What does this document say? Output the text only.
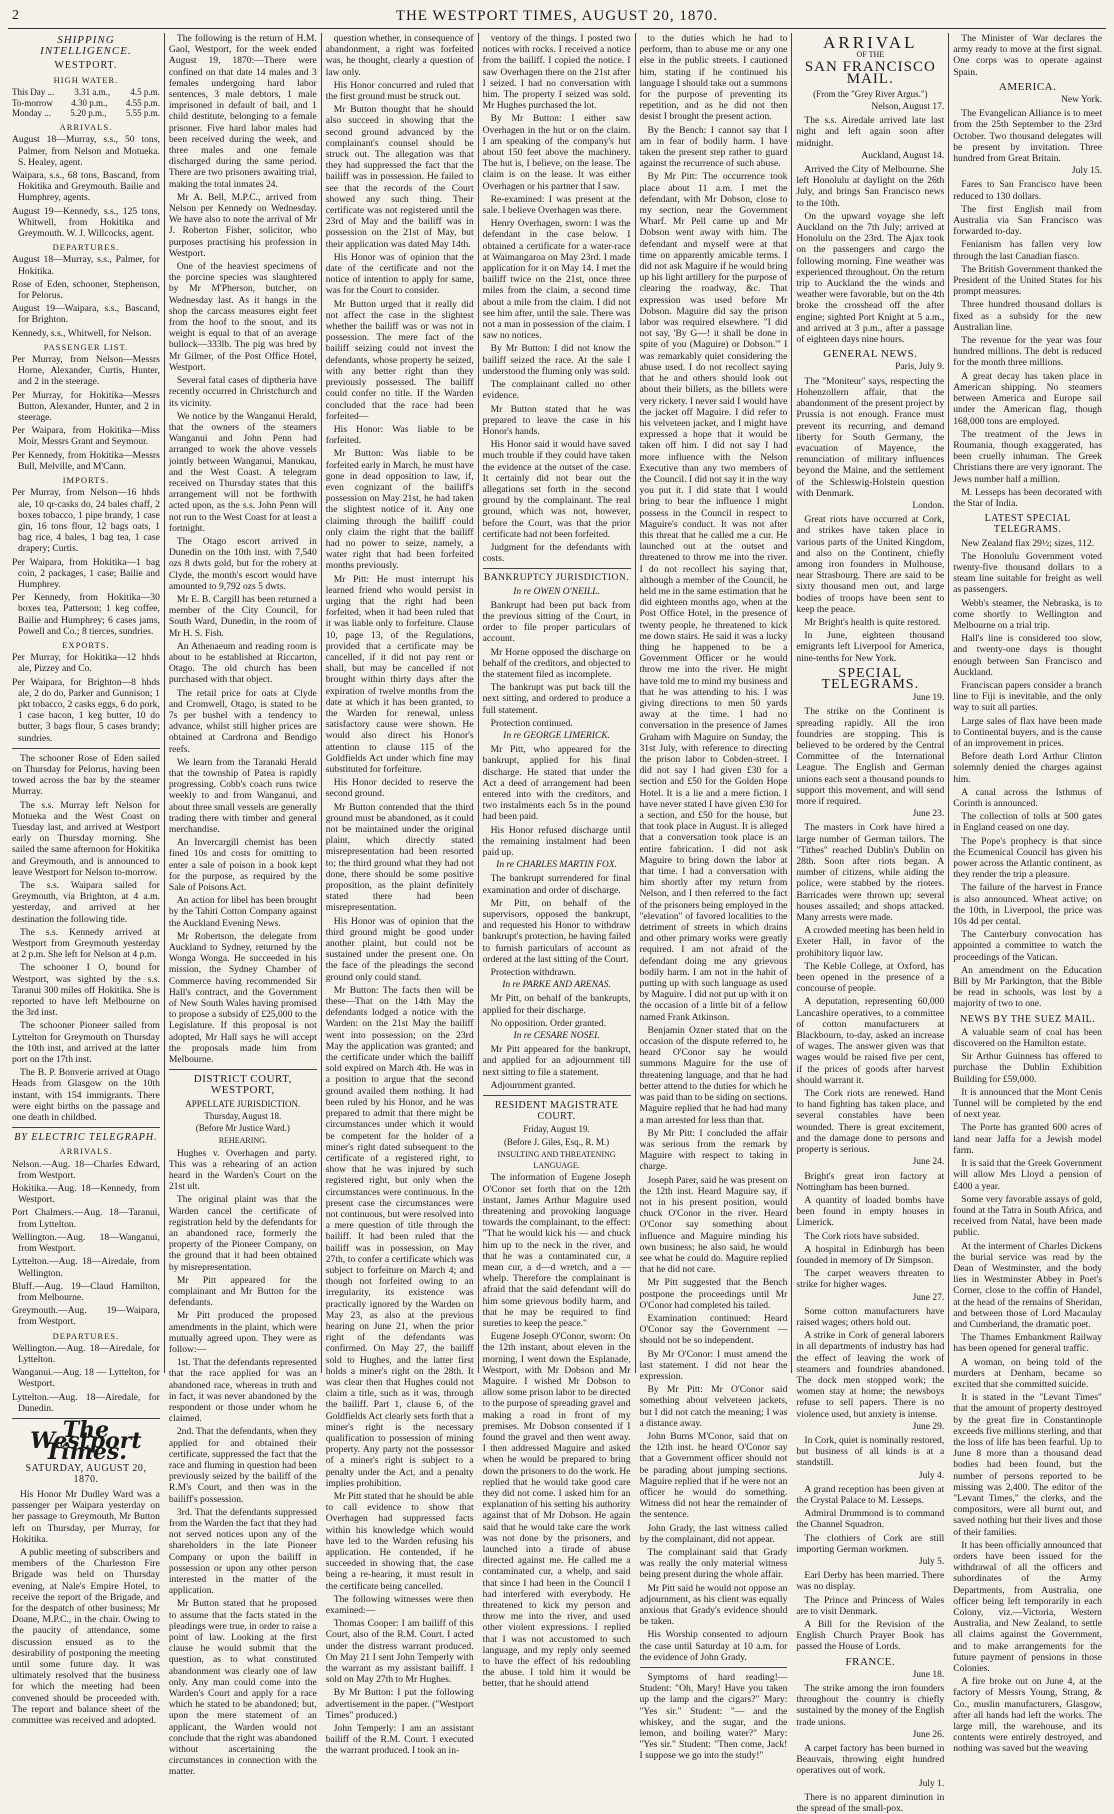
2	THE WESTPORT TIMES, AUGUST 20, 1870.
SHIPPING INTELLIGENCE.
WESTPORT.
HIGH WATER.
This Day ... 3.31 a.m., 4.5 p.m.
To-morrow 4.30 p.m., 4.55 p.m.
Monday ... 5.20 p.m., 5.55 p.m.
ARRIVALS.

August 18—Murray, s.s., 50 tons, Palmer, from Nelson and Motueka. S. Healey, agent.

Waipara, s.s., 68 tons, Bascand, from Hokitika and Greymouth. Bailie and Humphrey, agents.

August 19—Kennedy, s.s., 125 tons, Whitwell, from Hokitika and Greymouth. W. J. Willcocks, agent.

DEPARTURES.

August 18—Murray, s.s., Palmer, for Hokitika.

Rose of Eden, schooner, Stephenson, for Pelorus.

August 19—Waipara, s.s., Bascand, for Brighton.

Kennedy, s.s., Whitwell, for Nelson.

PASSENGER LIST.

Per Murray, from Nelson—Messrs Horne, Alexander, Curtis, Hunter, and 2 in the steerage.

Per Murray, for Hokitika—Messrs Button, Alexander, Hunter, and 2 in steerage.

Per Waipara, from Hokitika—Miss Moir, Messrs Grant and Seymour.

Per Kennedy, from Hokitika—Messrs Bull, Melville, and M'Cann.

IMPORTS.

Per Murray, from Nelson—16 hhds ale, 10 qr-casks do, 24 bales chaff, 2 boxes tobacco, 1 pipe brandy, 1 case gin, 16 tons flour, 12 bags oats, 1 bag rice, 4 bales, 1 bag tea, 1 case drapery; Curtis.

Per Waipara, from Hokitika—1 bag coin, 2 packages, 1 case; Bailie and Humphrey.

Per Kennedy, from Hokitika—30 boxes tea, Patterson; 1 keg coffee, Bailie and Humphrey; 6 cases jams, Powell and Co.; 8 tierces, sundries.

EXPORTS.

Per Murray, for Hokitika—12 hhds ale, Pizzey and Co.

Per Waipara, for Brighton—8 hhds ale, 2 do do, Parker and Gunnison; 1 pkt tobacco, 2 casks eggs, 6 do pork, 1 case bacon, 1 keg butter, 10 do butter, 3 bags flour, 5 cases brandy; sundries.

The schooner Rose of Eden sailed on Thursday for Pelorus, having been towed across the bar by the steamer Murray.

The s.s. Murray left Nelson for Motueka and the West Coast on Tuesday last, and arrived at Westport early on Thursday morning. She sailed the same afternoon for Hokitika and Greymouth, and is announced to leave Westport for Nelson to-morrow.

The s.s. Waipara sailed for Greymouth, via Brighton, at 4 a.m. yesterday, and arrived at her destination the following tide.

The s.s. Kennedy arrived at Westport from Greymouth yesterday at 2 p.m. She left for Nelson at 4 p.m.

The schooner I O, bound for Westport, was sighted by the s.s. Taranui 300 miles off Hokitika. She is reported to have left Melbourne on the 3rd inst.

The schooner Pioneer sailed from Lyttelton for Greymouth on Thursday the 10th inst, and arrived at the latter port on the 17th inst.

The B. P. Bonverie arrived at Otago Heads from Glasgow on the 10th instant, with 154 immigrants. There were eight births on the passage and one death in childbed.

BY ELECTRIC TELEGRAPH.
ARRIVALS.

Nelson.—Aug. 18—Charles Edward, from Westport.

Hokitika.—Aug. 18—Kennedy, from Westport.

Port Chalmers.—Aug. 18—Taranui, from Lyttelton.

Wellington.—Aug. 18—Wanganui, from Westport.

Lyttelton.—Aug. 18—Airedale, from Wellington.

Bluff.—Aug. 19—Claud Hamilton, from Melbourne.

Greymouth.—Aug. 19—Waipara, from Westport.

DEPARTURES.

Wellington.—Aug. 18—Airedale, for Lyttelton.

Wanganui.—Aug. 18 — Lyttelton, for Westport.

Lyttelton.—Aug. 18—Airedale, for Dunedin.

The Westport Times.
SATURDAY, AUGUST 20, 1870.

His Honor Mr Dudley Ward was a passenger per Waipara yesterday on her passage to Greymouth, Mr Button left on Thursday, per Murray, for Hokitika.

A public meeting of subscribers and members of the Charleston Fire Brigade was held on Thursday evening, at Nale's Empire Hotel, to receive the report of the Brigade, and for the despatch of other business; Mr Doane, M.P.C., in the chair. Owing to the paucity of attendance, some discussion ensued as to the desirability of postponing the meeting until some future day. It was ultimately resolved that the business for which the meeting had been convened should be proceeded with. The report and balance sheet of the committee was received and adopted.

The following is the return of H.M. Gaol, Westport, for the week ended August 19, 1870:—There were confined on that date 14 males and 3 females undergoing hard labor sentences, 3 male debtors, 1 male imprisoned in default of bail, and 1 child destitute, belonging to a female prisoner. Five hard labor males had been received during the week, and three males and one female discharged during the same period. There are two prisoners awaiting trial, making the total inmates 24.

Mr A. Bell, M.P.C., arrived from Nelson per Kennedy on Wednesday. We have also to note the arrival of Mr J. Roberton Fisher, solicitor, who purposes practising his profession in Westport.

One of the heaviest specimens of the porcine species was slaughtered by Mr M'Pherson, butcher, on Wednesday last. As it hangs in the shop the carcass measures eight feet from the hoof to the snout, and its weight is equal to that of an average bullock—333lb. The pig was bred by Mr Gilmer, of the Post Office Hotel, Westport.

Several fatal cases of diptheria have recently occurred in Christchurch and its vicinity.

We notice by the Wanganui Herald, that the owners of the steamers Wanganui and John Penn had arranged to work the above vessels jointly between Wanganui, Manukau, and the West Coast. A telegram received on Thursday states that this arrangement will not be forthwith acted upon, as the s.s. John Penn will not run to the West Coast for at least a fortnight.

The Otago escort arrived in Dunedin on the 10th inst. with 7,540 ozs 8 dwts gold, but for the robery at Clyde, the month's escort would have amounted to 9,792 ozs 5 dwts.

Mr E. B. Cargill has been returned a member of the City Council, for South Ward, Dunedin, in the room of Mr H. S. Fish.

An Athenaeum and reading room is about to be established at Riccarton, Otago. The old church has been purchased with that object.

The retail price for oats at Clyde and Cromwell, Otago, is stated to be 7s per bushel with a tendency to advance, whilst still higher prices are obtained at Cardrona and Bendigo reefs.

We learn from the Taranaki Herald that the township of Patea is rapidly progressing. Cobb's coach runs twice weekly to and from Wanganui, and about three small vessels are generally trading there with timber and general merchandise.

An Invercargill chemist has been fined 10s and costs for omitting to enter a sale of poison in a book kept for the purpose, as required by the Sale of Poisons Act.

An action for libel has been brought by the Tahiti Cotton Company against the Auckland Evening News.

Mr Robertson, the delegate from Auckland to Sydney, returned by the Wonga Wonga. He succeeded in his mission, the Sydney Chamber of Commerce having recommended Sir Hall's contract, and the Government of New South Wales having promised to propose a subsidy of £25,000 to the Legislature. If this proposal is not adopted, Mr Hall says he will accept the proposals made him from Melbourne.

DISTRICT COURT, WESTPORT,
APPELLATE JURISDICTION.
Thursday, August 18.
(Before Mr Justice Ward.)
REHEARING.

Hughes v. Overhagen and party. This was a rehearing of an action heard in the Warden's Court on the 21st ult.

The original plaint was that the Warden cancel the certificate of registration held by the defendants for an abandoned race, formerly the property of the Pioneer Company, on the ground that it had been obtained by misrepresentation.

Mr Pitt appeared for the complainant and Mr Button for the defendants.

Mr Pitt produced the proposed amendments in the plaint, which were mutually agreed upon. They were as follow:—

1st. That the defendants represented that the race applied for was an abandoned race, whereas in truth and in fact, it was never abandoned by the respondent or those under whom he claimed.

2nd. That the defendants, when they applied for and obtained their certificate, suppressed the fact that the race and fluming in question had been previously seized by the bailiff of the R.M's Court, and then was in the bailiff's possession.

3rd. That the defendants suppressed from the Warden the fact that they had not served notices upon any of the shareholders in the late Pioneer Company or upon the bailiff in possession or upon any other person interested in the matter of the application.

Mr Button stated that he proposed to assume that the facts stated in the pleadings were true, in order to raise a point of law. Looking at the first clause he would submit that the question, as to what constituted abandonment was clearly one of law only. Any man could come into the Warden's Court and apply for a race which he stated to be abandoned; but, upon the mere statement of an applicant, the Warden would not conclude that the right was abandoned without ascertaining the circumstances in connection with the matter.

question whether, in consequence of abandonment, a right was forfeited was, he thought, clearly a question of law only.

His Honor concurred and ruled that the first ground must be struck out.

Mr Button thought that he should also succeed in showing that the second ground advanced by the complainant's counsel should be struck out. The allegation was that they had suppressed the fact that the bailiff was in possession. He failed to see that the records of the Court showed any such thing. Their certificate was not registered until the 23rd of May and the bailiff was in possession on the 21st of May, but their application was dated May 14th.

His Honor was of opinion that the date of the certificate and not the notice of intention to apply for same, was for the Court to consider.

Mr Button urged that it really did not affect the case in the slightest whether the bailiff was or was not in possession. The mere fact of the bailiff seizing could not invest the defendants, whose property he seized, with any better right than they previously possessed. The bailiff could confer no title. If the Warden concluded that the race had been forfeited—

His Honor: Was liable to be forfeited.

Mr Button: Was liable to be forfeited early in March, he must have gone in dead opposition to law, if, even cognizant of the bailiff's possession on May 21st, he had taken the slightest notice of it. Any one claiming through the bailiff could only claim the right that the bailiff had no power to seize, namely, a water right that had been forfeited months previously.

Mr Pitt: He must interrupt his learned friend who would persist in urging that the right had been forfeited, when it had been ruled that it was liable only to forfeiture. Clause 10, page 13, of the Regulations, provided that a certificate may be cancelled, if it did not pay rent or shall, but may be cancelled if not brought within thirty days after the expiration of twelve months from the date at which it has been granted, to the Warden for renewal, unless satisfactory cause were shown. He would also direct his Honor's attention to clause 115 of the Goldfields Act under which fine may substituted for forfeiture.

His Honor decided to reserve the second ground.

Mr Button contended that the third ground must be abandoned, as it could not be maintained under the original plaint, which directly stated misrepresentation had been resorted to; the third ground what they had not done, there should be some positive proposition, as the plaint definitely stated there had been misrepresentation.

His Honor was of opinion that the third ground might be good under another plaint, but could not be sustained under the present one. On the face of the pleadings the second ground only could stand.

Mr Button: The facts then will be these—That on the 14th May the defendants lodged a notice with the Warden: on the 21st May the bailiff went into possession; on the 23rd May the application was granted; and the certificate under which the bailiff sold expired on March 4th. He was in a position to argue that the second ground availed them nothing. It had been ruled by his Honor, and he was prepared to admit that there might be circumstances under which it would be competent for the holder of a miner's right dated subsequent to the certificate of a registered right, to show that he was injured by such registered right, but only when the circumstances were continuous. In the present case the circumstances were not continuous, but were resolved into a mere question of title through the bailiff. It had been ruled that the bailiff was in possession, on May 27th, to confer a certificate which was subject to forfeiture on March 4; and though not forfeited owing to an irregularity, its existence was practically ignored by the Warden on May 23, as also at the previous hearing on June 21, when the prior right of the defendants was confirmed. On May 27, the bailiff sold to Hughes, and the latter first holds a miner's right on the 28th. It was clear then that Hughes could not claim a title, such as it was, through the bailiff. Part 1, clause 6, of the Goldfields Act clearly sets forth that a miner's right is the necessary qualification to possession of mining property. Any party not the possessor of a miner's right is subject to a penalty under the Act, and a penalty implies prohibition.

Mr Pitt stated that he should be able to call evidence to show that Overhagen had suppressed facts within his knowledge which would have led to the Warden refusing his application. He contended, if he succeeded in showing that, the case being a re-hearing, it must result in the certificate being cancelled.

The following witnesses were then examined:—

Thomas Cooper: I am bailiff of this Court, also of the R.M. Court. I acted under the distress warrant produced. On May 21 I sent John Temperly with the warrant as my assistant bailiff. I sold on May 27th to Mr Hughes.

By Mr Button: I put the following advertisement in the paper. ("Westport Times" produced.)

John Temperly: I am an assistant bailiff of the R.M. Court. I executed the warrant produced. I took an in-

ventory of the things. I posted two notices with rocks. I received a notice from the bailiff. I copied the notice. I saw Overhagen there on the 21st after I seized. I had no conversation with him. The property I seized was sold. Mr Hughes purchased the lot.

By Mr Button: I either saw Overhagen in the hut or on the claim. I am speaking of the company's hut about 150 feet above the machinery. The hut is, I believe, on the lease. The claim is on the lease. It was either Overhagen or his partner that I saw.

Re-examined: I was present at the sale. I believe Overhagen was there.

Henry Overhagen, sworn: I was the defendant in the case below. I obtained a certificate for a water-race at Waimangaroa on May 23rd. I made application for it on May 14. I met the bailiff twice on the 21st, once three miles from the claim, a second time about a mile from the claim. I did not see him after, until the sale. There was not a man in possession of the claim. I saw no notices.

By Mr Button: I did not know the bailiff seized the race. At the sale I understood the fluming only was sold.

The complainant called no other evidence.

Mr Button stated that he was prepared to leave the case in his Honor's hands.

His Honor said it would have saved much trouble if they could have taken the evidence at the outset of the case. It certainly did not bear out the allegations set forth in the second ground by the complainant. The real ground, which was not, however, before the Court, was that the prior certificate had not been forfeited.

Judgment for the defendants with costs.

BANKRUPTCY JURISDICTION.
In re OWEN O'NEILL.

Bankrupt had been put back from the previous sitting of the Court, in order to file proper particulars of account.

Mr Horne opposed the discharge on behalf of the creditors, and objected to the statement filed as incomplete.

The bankrupt was put back till the next sitting, and ordered to produce a full statement.

Protection continued.

In re GEORGE LIMERICK.

Mr Pitt, who appeared for the bankrupt, applied for his final discharge. He stated that under the Act a deed of arrangement had been entered into with the creditors, and two instalments each 5s in the pound had been paid.

His Honor refused discharge until the remaining instalment had been paid up.

In re CHARLES MARTIN FOX.

The bankrupt surrendered for final examination and order of discharge.

Mr Pitt, on behalf of the supervisors, opposed the bankrupt, and requested his Honor to withdraw bankrupt's protection, he having failed to furnish particulars of account as ordered at the last sitting of the Court.

Protection withdrawn.

In re PARKE AND ARENAS.

Mr Pitt, on behalf of the bankrupts, applied for their discharge.

No opposition. Order granted.

In re CESARE NOSEI.

Mr Pitt appeared for the bankrupt, and applied for an adjournment till next sitting to file a statement.

Adjournment granted.

RESIDENT MAGISTRATE COURT.
Friday, August 19.
(Before J. Giles, Esq., R. M.)
INSULTING AND THREATENING LANGUAGE.

The information of Eugene Joseph O'Conor set forth that on the 12th instant, James Arthur Maguire used threatening and provoking language towards the complainant, to the effect: "That he would kick his — and chuck him up to the neck in the river, and that he was a contaminated cur, a mean cur, a d—d wretch, and a — whelp. Therefore the complainant is afraid that the said defendant will do him some grievous bodily harm, and that he may be required to find sureties to keep the peace."

Eugene Joseph O'Conor, sworn: On the 12th instant, about eleven in the morning, I went down the Esplanade, Westport, with Mr Dobson and Mr Maguire. I wished Mr Dobson to allow some prison labor to be directed to the purpose of spreading gravel and making a road in front of my premises. Mr Dobson consented if I found the gravel and then went away. I then addressed Maguire and asked when he would be prepared to bring down the prisoners to do the work. He replied that he would take good care they did not come. I asked him for an explanation of his setting his authority against that of Mr Dobson. He again said that he would take care the work was not done by the prisoners, and launched into a tirade of abuse directed against me. He called me a contaminated cur, a whelp, and said that since I had been in the Council I had interfered with everybody. He threatened to kick my person and throw me into the river, and used other violent expressions. I replied that I was not accustomed to such language, and my reply only seemed to have the effect of his redoubling the abuse. I told him it would be better, that he should attend

to the duties which he had to perform, than to abuse me or any one else in the public streets. I cautioned him, stating if he continued his language I should take out a summons for the purpose of preventing its repetition, and as he did not then desist I brought the present action.

By the Bench: I cannot say that I am in fear of bodily harm. I have taken the present step rather to guard against the recurrence of such abuse.

By Mr Pitt: The occurrence took place about 11 a.m. I met the defendant, with Mr Dobson, close to my section, near the Government Wharf. Mr Pell came up and Mr Dobson went away with him. The defendant and myself were at that time on apparently amicable terms. I did not ask Maguire if he would bring up his light artillery for the purpose of clearing the roadway, &c. That expression was used before Mr Dobson. Maguire did say the prison labor was required elsewhere. "I did not say, 'By G—! it shall be done in spite of you (Maguire) or Dobson.'" I was remarkably quiet considering the abuse used. I do not recollect saying that he and others should look out about their billets, as the billets were very rickety. I never said I would have the jacket off Maguire. I did refer to his velveteen jacket, and I might have expressed a hope that it would be taken off him. I did not say I had more influence with the Nelson Executive than any two members of the Council. I did not say it in the way you put it. I did state that I would bring to bear the influence I might possess in the Council in respect to Maguire's conduct. It was not after this threat that he called me a cur. He launched out at the outset and threatened to throw me into the river. I do not recollect his saying that, although a member of the Council, he held me in the same estimation that he did eighteen months ago, when at the Post Office Hotel, in the presence of twenty people, he threatened to kick me down stairs. He said it was a lucky thing he happened to be a Government Officer or he would throw me into the river. He might have told me to mind my business and that he was attending to his. I was giving directions to men 50 yards away at the time. I had no conversation in the presence of James Graham with Maguire on Sunday, the 31st July, with reference to directing the prison labor to Cobden-street. I did not say I had given £30 for a section and £50 for the Golden Hope Hotel. It is a lie and a mere fiction. I have never stated I have given £30 for a section, and £50 for the house, but that took place in August. It is alleged that a conversation took place is an entire fabrication. I did not ask Maguire to bring down the labor at that time. I had a conversation with him shortly after my return from Nelson, and I then referred to the fact of the prisoners being employed in the "elevation" of favored localities to the detriment of streets in which drains and other primary works were greatly required. I am not afraid of the defendant doing me any grievous bodily harm. I am not in the habit of putting up with such language as used by Maguire. I did not put up with it on the occasion of a little bit of a fellow named Frank Atkinson.

Benjamin Ozner stated that on the occasion of the dispute referred to, he heard O'Conor say he would summons Maguire for the use of threatening language, and that he had better attend to the duties for which he was paid than to be siding on sections. Maguire replied that he had had many a man arrested for less than that.

By Mr Pitt: I concluded the affair was serious from the remark by Maguire with respect to taking in charge.

Joseph Parer, said he was present on the 12th inst. Heard Maguire say, if not in his present position, would chuck O'Conor in the river. Heard O'Conor say something about influence and Maguire minding his own business; he also said, he would see what he could do. Maguire replied that he did not care.

Mr Pitt suggested that the Bench postpone the proceedings until Mr O'Conor had completed his tailed.

Examination continued: Heard O'Conor say the Government — should not be so independent.

By Mr O'Conor: I must amend the last statement. I did not hear the expression.

By Mr Pitt: Mr O'Conor said something about velveteen jackets, but I did not catch the meaning; I was a distance away.

John Burns M'Conor, said that on the 12th inst. he heard O'Conor say that a Government officer should not be parading about jumping sections. Maguire replied that if he were not an officer he would do something. Witness did not hear the remainder of the sentence.

John Grady, the last witness called by the complainant, did not appear.

The complainant said that Grady was really the only material witness being present during the whole affair.

Mr Pitt said he would not oppose an adjournment, as his client was equally anxious that Grady's evidence should be taken.

His Worship consented to adjourn the case until Saturday at 10 a.m. for the evidence of John Grady.

Symptoms of hard reading!—Student: "Oh, Mary! Have you taken up the lamp and the cigars?" Mary: "Yes sir." Student: "— and the whiskey, and the sugar, and the lemon, and boiling water?" Mary: "Yes sir." Student: "Then come, Jack! I suppose we go into the study!"

ARRIVAL
OF THE
SAN FRANCISCO MAIL.
(From the "Grey River Argus.")
Nelson, August 17.

The s.s. Airedale arrived late last night and left again soon after midnight.

Auckland, August 14.

Arrived the City of Melbourne. She left Honolulu at daylight on the 26th July, and brings San Francisco news to the 10th.

On the upward voyage she left Auckland on the 7th July; arrived at Honolulu on the 23rd. The Ajax took on the passengers and cargo the following morning. Fine weather was experienced throughout. On the return trip to Auckland the the winds and weather were favorable, but on the 4th broke the crosshead off the after engine; sighted Port Knight at 5 a.m., and arrived at 3 p.m., after a passage of eighteen days nine hours.

GENERAL NEWS.
Paris, July 9.

The "Moniteur" says, respecting the Hohenzollern affair, that the abandonment of the present project by Prussia is not enough. France must prevent its recurring, and demand liberty for South Germany, the evacuation of Mayence, the renunciation of military influences beyond the Maine, and the settlement of the Schleswig-Holstein question with Denmark.

London.

Great riots have occurred at Cork, and strikes have taken place in various parts of the United Kingdom, and also on the Continent, chiefly among iron founders in Mulhouse, near Strasbourg. There are said to be sixty thousand men out, and large bodies of troops have been sent to keep the peace.

Mr Bright's health is quite restored.

In June, eighteen thousand emigrants left Liverpool for America, nine-tenths for New York.

SPECIAL TELEGRAMS.
June 19.

The strike on the Continent is spreading rapidly. All the iron foundries are stopping. This is believed to be ordered by the Central Committee of the International League. The English and German unions each sent a thousand pounds to support this movement, and will send more if required.

June 23.

The masters in Cork have hired a large number of German tailors. The "Tithes" reached Dublin's Dublin on 28th. Soon after riots began. A number of citizens, while aiding the police, were stabbed by the rioters. Barricades were thrown up; several houses assailed; and shops attacked. Many arrests were made.

A crowded meeting has been held in Exeter Hall, in favor of the prohibitory liquor law.

The Keble College, at Oxford, has been opened in the presence of a concourse of people.

A deputation, representing 60,000 Lancashire operatives, to a committee of cotton manufacturers at Blackbourn, to-day, asked an increase of wages. The answer given was that wages would be raised five per cent, if the prices of goods after harvest should warrant it.

The Cork riots are renewed. Hand to hand fighting has taken place, and several constables have been wounded. There is great excitement, and the damage done to persons and property is serious.

June 24.

Bright's great iron factory at Nottingham has been burned.

A quantity of loaded bombs have been found in empty houses in Limerick.

The Cork riots have subsided.

A hospital in Edinburgh has been founded in memory of Dr Simpson.

The carpet weavers threaten to strike for higher wages.

June 27.

Some cotton manufacturers have raised wages; others hold out.

A strike in Cork of general laborers in all departments of industry has had the effect of leaving the work of steamers and foundries abandoned. The dock men stopped work; the women stay at home; the newsboys refuse to sell papers. There is no violence used, but anxiety is intense.

June 29.

In Cork, quiet is nominally restored, but business of all kinds is at a standstill.

July 4.

A grand reception has been given at the Crystal Palace to M. Lesseps.

Admiral Drummond is to command the Channel Squadron.

The clothiers of Cork are still importing German workmen.

July 5.

Earl Derby has been married. There was no display.

The Prince and Princess of Wales are to visit Denmark.

A Bill for the Revision of the English Church Prayer Book has passed the House of Lords.

FRANCE.
June 18.

The strike among the iron founders throughout the country is chiefly sustained by the money of the English trade unions.

June 26.

A carpet factory has been burned in Beauvais, throwing eight hundred operatives out of work.

July 1.

There is no apparent diminution in the spread of the small-pox.

The Minister of War declares the army ready to move at the first signal. One corps was to operate against Spain.

AMERICA.
New York.

The Evangelican Alliance is to meet from the 25th September to the 23rd October. Two thousand delegates will be present by invitation. Three hundred from Great Britain.

July 15.

Fares to San Francisco have been reduced to 130 dollars.

The first English mail from Australia via San Francisco was forwarded to-day.

Fenianism has fallen very low through the last Canadian fiasco.

The British Government thanked the President of the United States for his prompt measures.

Three hundred thousand dollars is fixed as a subsidy for the new Australian line.

The revenue for the year was four hundred millions. The debt is reduced for the month three millions.

A great decay has taken place in American shipping. No steamers between America and Europe sail under the American flag, though 168,000 tons are employed.

The treatment of the Jews in Roumania, though exaggerated, has been cruelly inhuman. The Greek Christians there are very ignorant. The Jews number half a million.

M. Lesseps has been decorated with the Star of India.

LATEST SPECIAL TELEGRAMS.

New Zealand flax 29½; sizes, 112.

The Honolulu Government voted twenty-five thousand dollars to a steam line suitable for freight as well as passengers.

Webb's steamer, the Nebraska, is to come shortly to Wellington and Melbourne on a trial trip.

Hall's line is considered too slow, and twenty-one days is thought enough between San Francisco and Auckland.

Franciscan papers consider a branch line to Fiji is inevitable, and the only way to suit all parties.

Large sales of flax have been made to Continental buyers, and is the cause of an improvement in prices.

Before death Lord Arthur Clinton solemnly denied the charges against him.

A canal across the Isthmus of Corinth is announced.

The collection of tolls at 500 gates in England ceased on one day.

The Pope's prophecy is that since the Ecumenical Council has given his power across the Atlantic continent, as they render the trip a pleasure.

The failure of the harvest in France is also announced. Wheat active; on the 10th, in Liverpool, the price was 10s 4d per cental.

The Canterbury convocation has appointed a committee to watch the proceedings of the Vatican.

An amendment on the Education Bill by Mr Parkington, that the Bible be read in schools, was lost by a majority of two to one.

NEWS BY THE SUEZ MAIL.

A valuable seam of coal has been discovered on the Hamilton estate.

Sir Arthur Guinness has offered to purchase the Dublin Exhibition Building for £59,000.

It is announced that the Mont Cenis Tunnel will be completed by the end of next year.

The Porte has granted 600 acres of land near Jaffa for a Jewish model farm.

It is said that the Greek Government will allow Mrs Lloyd a pension of £400 a year.

Some very favorable assays of gold, found at the Tatra in South Africa, and received from Natal, have been made public.

At the interment of Charles Dickens the burial service was read by the Dean of Westminster, and the body lies in Westminster Abbey in Poet's Corner, close to the coffin of Handel, at the head of the remains of Sheridan, and between those of Lord Macaulay and Cumberland, the dramatic poet.

The Thames Embankment Railway has been opened for general traffic.

A woman, on being told of the murders at Denham, became so excited that she committed suicide.

It is stated in the "Levant Times" that the amount of property destroyed by the great fire in Constantinople exceeds five millions sterling, and that the loss of life has been fearful. Up to June 8 more than a thousand dead bodies had been found, but the number of persons reported to be missing was 2,400. The editor of the "Levant Times," the clerks, and the compositors, were all burnt out, and saved nothing but their lives and those of their families.

It has been officially announced that orders have been issued for the withdrawal of all the officers and subordinates of the Army Departments, from Australia, one officer being left temporarily in each Colony, viz.—Victoria, Western Australia, and New Zealand, to settle all claims against the Government, and to make arrangements for the future payment of pensions in those Colonies.

A fire broke out on June 4, at the factory of Messrs Young, Strang, & Co., muslin manufacturers, Glasgow, after all hands had left the works. The large mill, the warehouse, and its contents were entirely destroyed, and nothing was saved but the weaving
